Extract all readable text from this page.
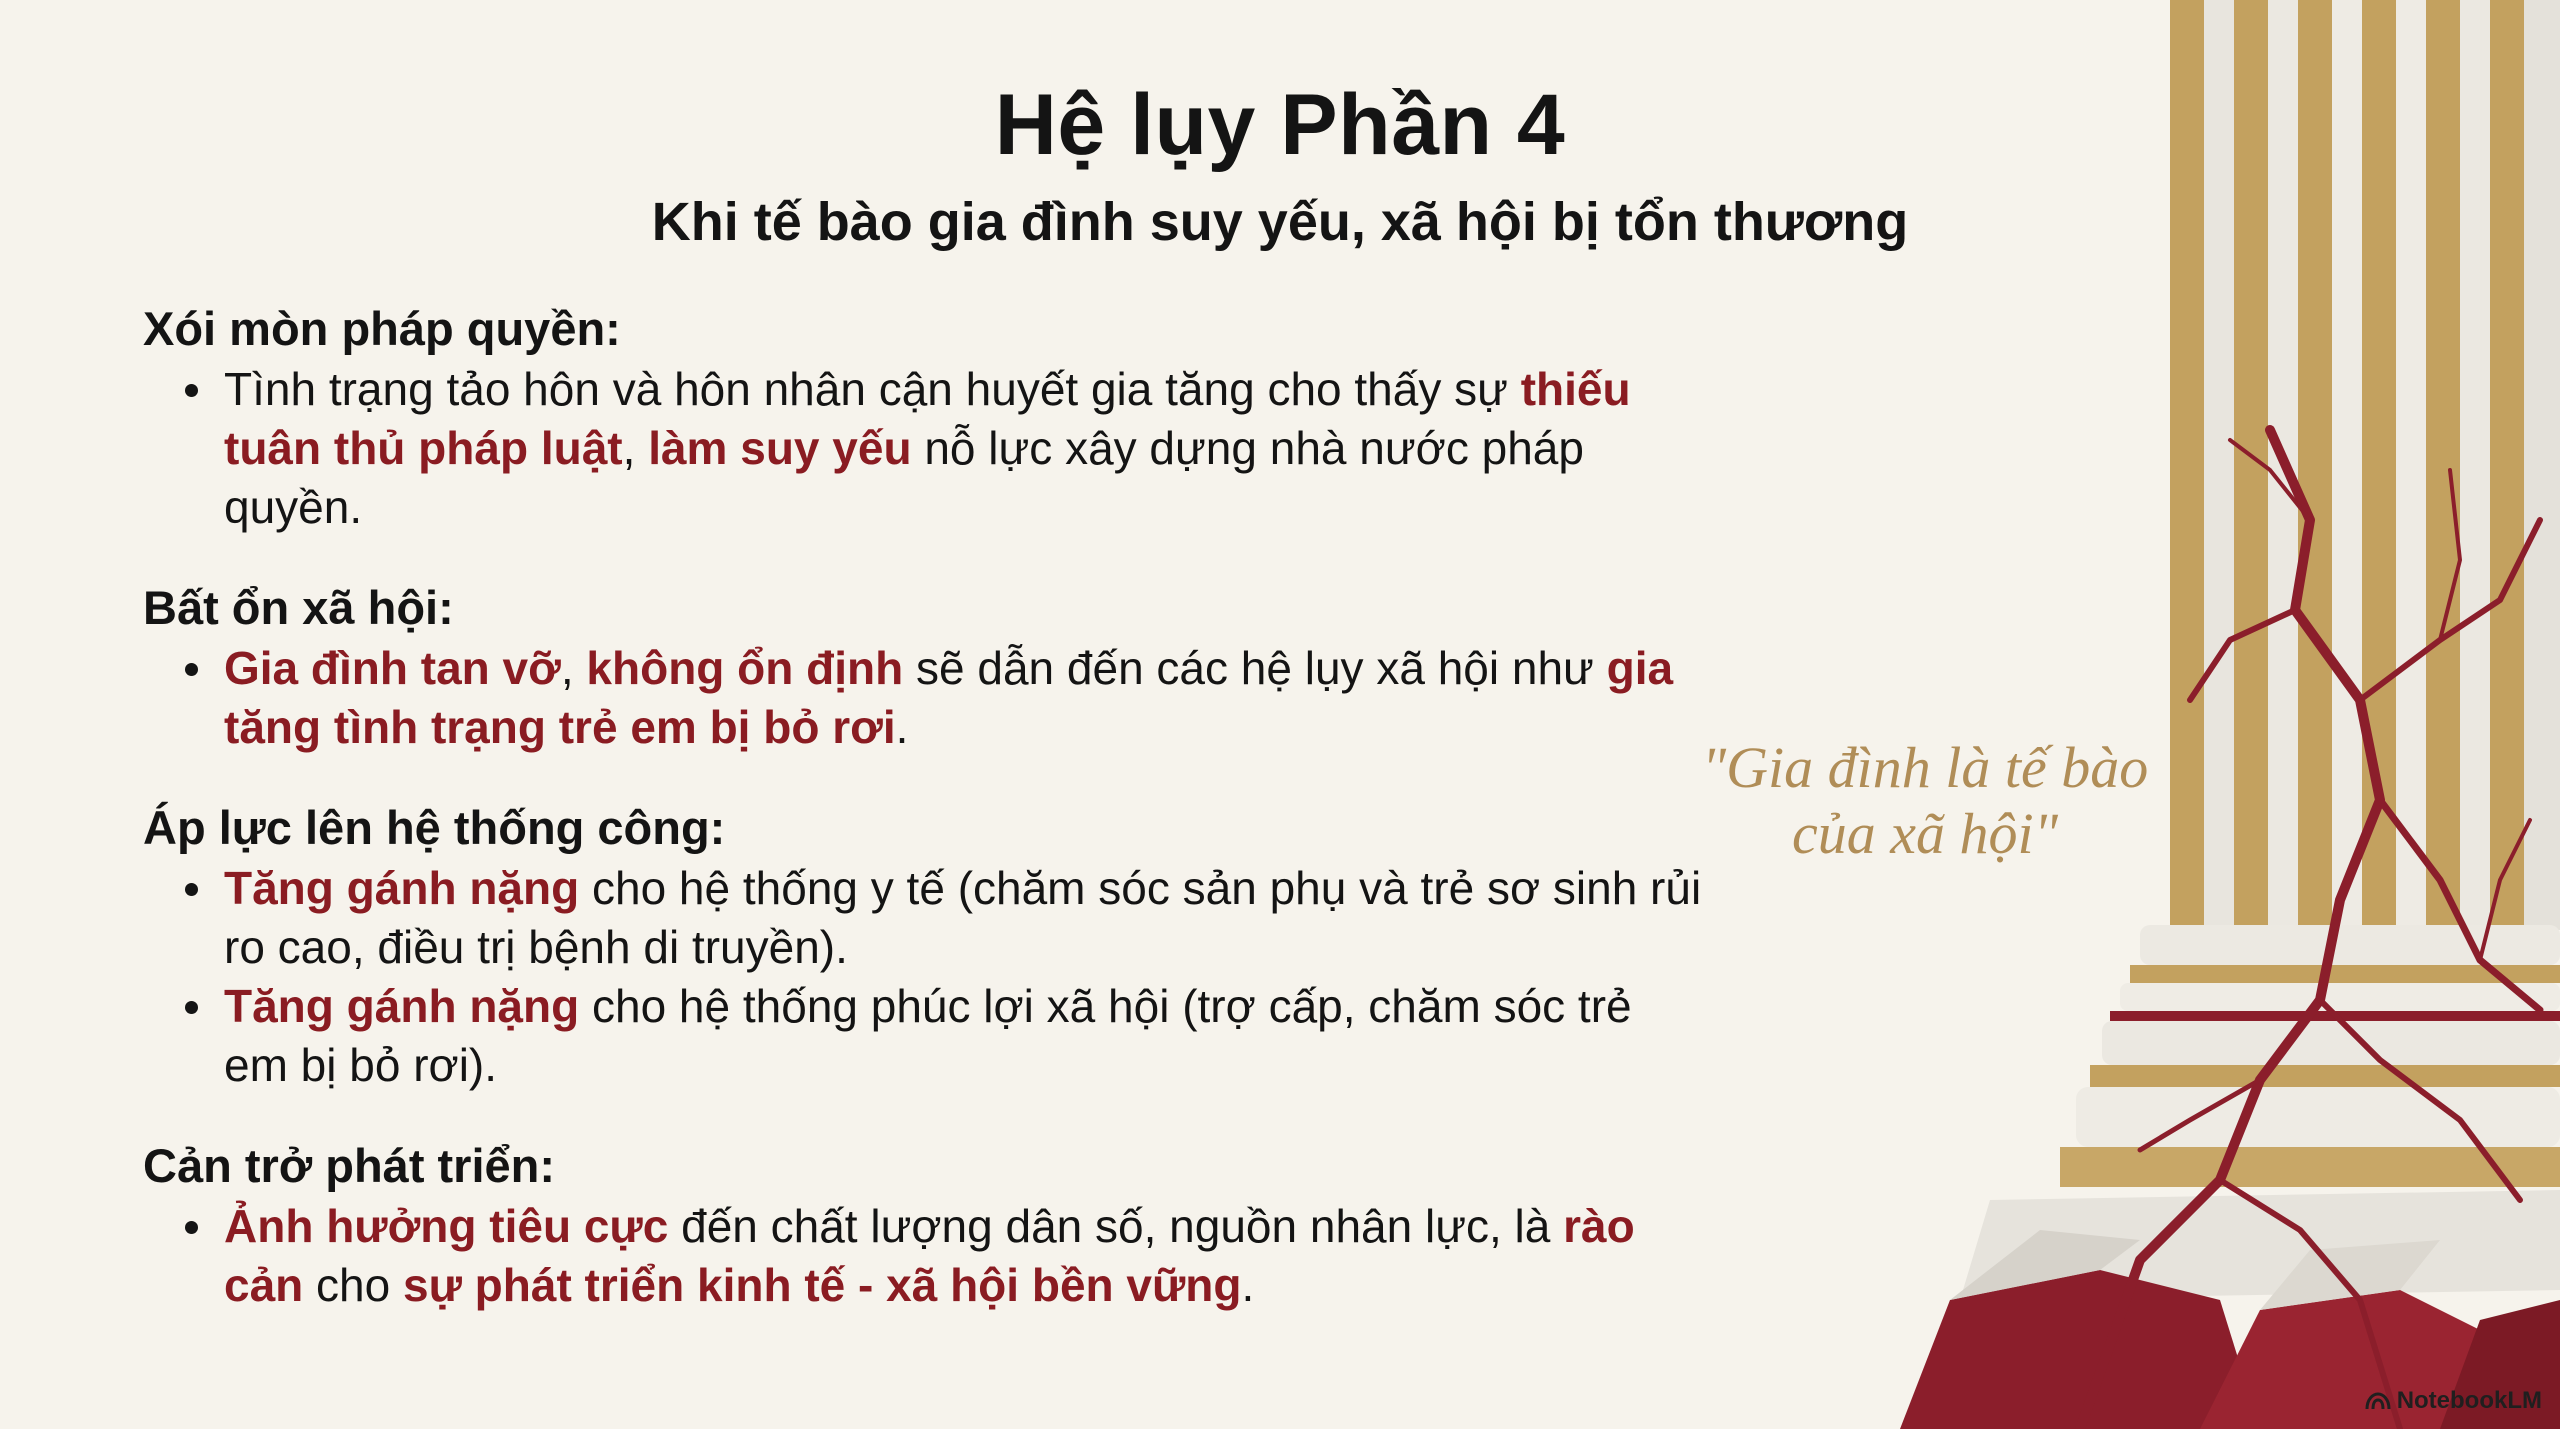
Hệ lụy Phần 4
Khi tế bào gia đình suy yếu, xã hội bị tổn thương
Xói mòn pháp quyền:
Tình trạng tảo hôn và hôn nhân cận huyết gia tăng cho thấy sự thiếu tuân thủ pháp luật, làm suy yếu nỗ lực xây dựng nhà nước pháp quyền.
Bất ổn xã hội:
Gia đình tan vỡ, không ổn định sẽ dẫn đến các hệ lụy xã hội như gia tăng tình trạng trẻ em bị bỏ rơi.
Áp lực lên hệ thống công:
Tăng gánh nặng cho hệ thống y tế (chăm sóc sản phụ và trẻ sơ sinh rủi ro cao, điều trị bệnh di truyền).
Tăng gánh nặng cho hệ thống phúc lợi xã hội (trợ cấp, chăm sóc trẻ em bị bỏ rơi).
Cản trở phát triển:
Ảnh hưởng tiêu cực đến chất lượng dân số, nguồn nhân lực, là rào cản cho sự phát triển kinh tế - xã hội bền vững.
"Gia đình là tế bào
của xã hội"
NotebookLM
